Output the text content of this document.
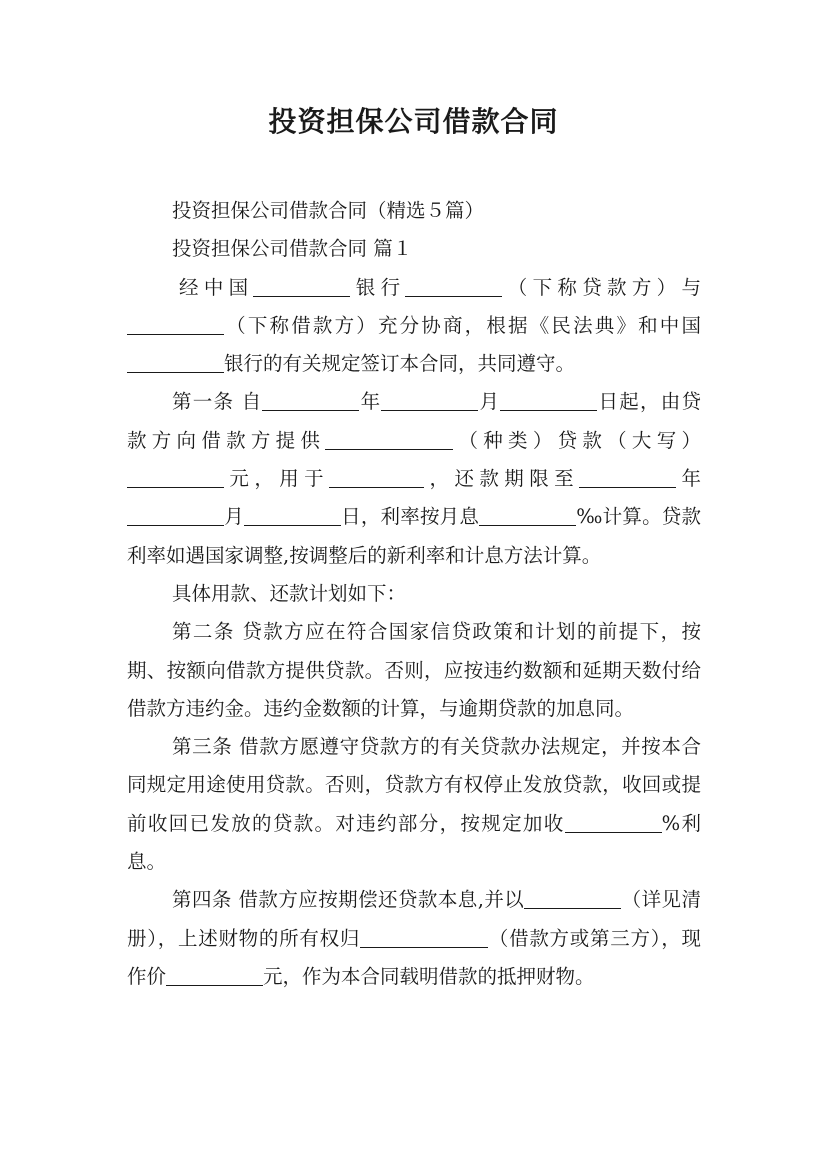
投资担保公司借款合同

投资担保公司借款合同（精选５篇）

投资担保公司借款合同 篇１

经中国	银行	（下称贷款方）与（下称借款方）充分协商，根据《民法典》和中国银行的有关规定签订本合同，共同遵守。

第一条 自	年	月	日起，由贷款方向借款方提供	（种类）贷款（大写）元，用于	，还款期限至	年月	日，利率按月息	‰计算。贷款利率如遇国家调整,按调整后的新利率和计息方法计算。

具体用款、还款计划如下：

第二条 贷款方应在符合国家信贷政策和计划的前提下，按期、按额向借款方提供贷款。否则，应按违约数额和延期天数付给借款方违约金。违约金数额的计算，与逾期贷款的加息同。

第三条 借款方愿遵守贷款方的有关贷款办法规定，并按本合同规定用途使用贷款。否则，贷款方有权停止发放贷款，收回或提前收回已发放的贷款。对违约部分，按规定加收	%利息。

第四条 借款方应按期偿还贷款本息,并以	（详见清册），上述财物的所有权归	（借款方或第三方），现作价	元，作为本合同载明借款的抵押财物。
